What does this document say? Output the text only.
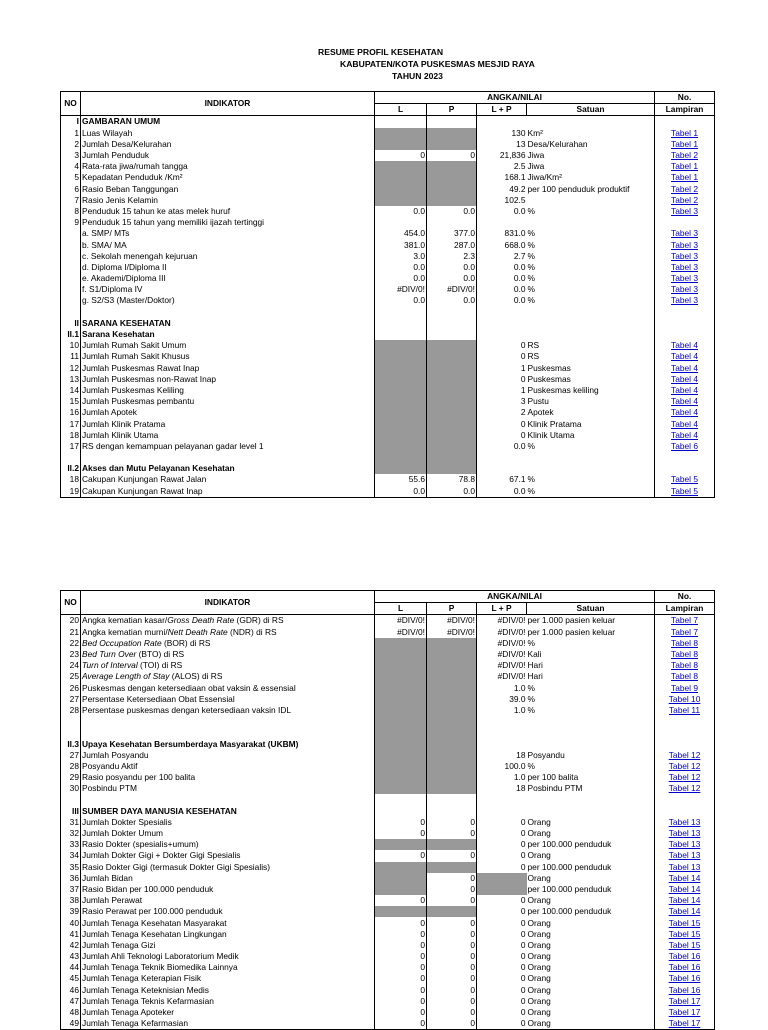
RESUME PROFIL KESEHATAN
KABUPATEN/KOTA PUSKESMAS MESJID RAYA
TAHUN 2023
NO	INDIKATOR	ANGKA/NILAI				No.
		L	P	L + P	Satuan	Lampiran
I	GAMBARAN UMUM					
1	Luas Wilayah			130	Km²	Tabel 1
2	Jumlah Desa/Kelurahan			13	Desa/Kelurahan	Tabel 1
3	Jumlah Penduduk	0	0	21,836	Jiwa	Tabel 2
4	Rata-rata jiwa/rumah tangga			2.5	Jiwa	Tabel 1
5	Kepadatan Penduduk /Km²			168.1	Jiwa/Km²	Tabel 1
6	Rasio Beban Tanggungan			49.2	per 100 penduduk produktif	Tabel 2
7	Rasio Jenis Kelamin			102.5		Tabel 2
8	Penduduk 15 tahun ke atas melek huruf	0.0	0.0	0.0	%	Tabel 3
9	Penduduk 15 tahun yang memiliki ijazah tertinggi					
	a. SMP/ MTs	454.0	377.0	831.0	%	Tabel 3
	b. SMA/ MA	381.0	287.0	668.0	%	Tabel 3
	c. Sekolah menengah kejuruan	3.0	2.3	2.7	%	Tabel 3
	d. Diploma I/Diploma II	0.0	0.0	0.0	%	Tabel 3
	e. Akademi/Diploma III	0.0	0.0	0.0	%	Tabel 3
	f. S1/Diploma IV	#DIV/0!	#DIV/0!	0.0	%	Tabel 3
	g. S2/S3 (Master/Doktor)	0.0	0.0	0.0	%	Tabel 3

II	SARANA KESEHATAN					
II.1	Sarana Kesehatan					
10	Jumlah Rumah Sakit Umum			0	RS	Tabel 4
11	Jumlah Rumah Sakit Khusus			0	RS	Tabel 4
12	Jumlah Puskesmas Rawat Inap			1	Puskesmas	Tabel 4
13	Jumlah Puskesmas non-Rawat Inap			0	Puskesmas	Tabel 4
14	Jumlah Puskesmas Keliling			1	Puskesmas keliling	Tabel 4
15	Jumlah Puskesmas pembantu			3	Pustu	Tabel 4
16	Jumlah Apotek			2	Apotek	Tabel 4
17	Jumlah Klinik Pratama			0	Klinik Pratama	Tabel 4
18	Jumlah Klinik Utama			0	Klinik Utama	Tabel 4
17	RS dengan kemampuan pelayanan gadar level 1			0.0	%	Tabel 6

II.2	Akses dan Mutu Pelayanan Kesehatan					
18	Cakupan Kunjungan Rawat Jalan	55.6	78.8	67.1	%	Tabel 5
19	Cakupan Kunjungan Rawat Inap	0.0	0.0	0.0	%	Tabel 5
NO	INDIKATOR	ANGKA/NILAI				No.
		L	P	L + P	Satuan	Lampiran
20	Angka kematian kasar/Gross Death Rate (GDR) di RS	#DIV/0!	#DIV/0!	#DIV/0!	per 1.000 pasien keluar	Tabel 7
21	Angka kematian murni/Nett Death Rate (NDR) di RS	#DIV/0!	#DIV/0!	#DIV/0!	per 1.000 pasien keluar	Tabel 7
22	Bed Occupation Rate (BOR) di RS			#DIV/0!	%	Tabel 8
23	Bed Turn Over (BTO) di RS			#DIV/0!	Kali	Tabel 8
24	Turn of Interval (TOI) di RS			#DIV/0!	Hari	Tabel 8
25	Average Length of Stay (ALOS) di RS			#DIV/0!	Hari	Tabel 8
26	Puskesmas dengan ketersediaan obat vaksin & essensial			1.0	%	Tabel 9
27	Persentase Ketersediaan Obat Essensial			39.0	%	Tabel 10
28	Persentase puskesmas dengan ketersediaan vaksin IDL			1.0	%	Tabel 11

II.3	Upaya Kesehatan Bersumberdaya Masyarakat (UKBM)					
27	Jumlah Posyandu			18	Posyandu	Tabel 12
28	Posyandu Aktif			100.0	%	Tabel 12
29	Rasio posyandu per 100 balita			1.0	per 100 balita	Tabel 12
30	Posbindu PTM			18	Posbindu PTM	Tabel 12

III	SUMBER DAYA MANUSIA KESEHATAN					
31	Jumlah Dokter Spesialis	0	0	0	Orang	Tabel 13
32	Jumlah Dokter Umum	0	0	0	Orang	Tabel 13
33	Rasio Dokter (spesialis+umum)			0	per 100.000 penduduk	Tabel 13
34	Jumlah Dokter Gigi + Dokter Gigi Spesialis	0	0	0	Orang	Tabel 13
35	Rasio Dokter Gigi (termasuk Dokter Gigi Spesialis)			0	per 100.000 penduduk	Tabel 13
36	Jumlah Bidan		0		Orang	Tabel 14
37	Rasio Bidan per 100.000 penduduk		0		per 100.000 penduduk	Tabel 14
38	Jumlah Perawat	0	0	0	Orang	Tabel 14
39	Rasio Perawat per 100.000 penduduk			0	per 100.000 penduduk	Tabel 14
40	Jumlah Tenaga Kesehatan Masyarakat	0	0	0	Orang	Tabel 15
41	Jumlah Tenaga Kesehatan Lingkungan	0	0	0	Orang	Tabel 15
42	Jumlah Tenaga Gizi	0	0	0	Orang	Tabel 15
43	Jumlah Ahli Teknologi Laboratorium Medik	0	0	0	Orang	Tabel 16
44	Jumlah Tenaga Teknik Biomedika Lainnya	0	0	0	Orang	Tabel 16
45	Jumlah Tenaga Keterapian Fisik	0	0	0	Orang	Tabel 16
46	Jumlah Tenaga Keteknisian Medis	0	0	0	Orang	Tabel 16
47	Jumlah Tenaga Teknis Kefarmasian	0	0	0	Orang	Tabel 17
48	Jumlah Tenaga Apoteker	0	0	0	Orang	Tabel 17
49	Jumlah Tenaga Kefarmasian	0	0	0	Orang	Tabel 17
